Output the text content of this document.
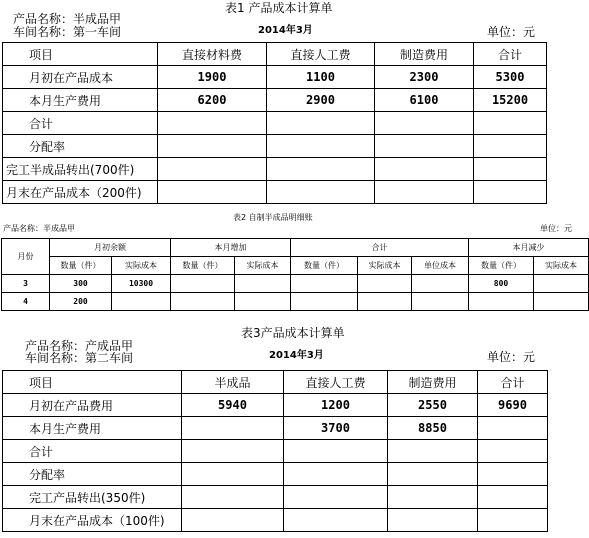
表1 产品成本计算单
产品名称：半成品甲
车间名称：第一车间	2014年3月	单位：元
项目	直接材料费	直接人工费	制造费用	合计
月初在产品成本	1900	1100	2300	5300
本月生产费用	6200	2900	6100	15200
合计				
分配率				
完工半成品转出(700件)				
月末在产品成本（200件)				
表2 自制半成品明细账
产品名称：半成品甲	单位：元
月份	月初余额		本月增加		合计			本月减少	
	数量（件）	实际成本	数量（件）	实际成本	数量（件）	实际成本	单位成本	数量（件）	实际成本
3	300	10300						800	
4	200								
表3产品成本计算单
产品名称：产成品甲
车间名称：第二车间	2014年3月	单位：元
项目	半成品	直接人工费	制造费用	合计
月初在产品费用	5940	1200	2550	9690
本月生产费用		3700	8850	
合计				
分配率				
完工产品转出(350件)				
月末在产品成本（100件)				
